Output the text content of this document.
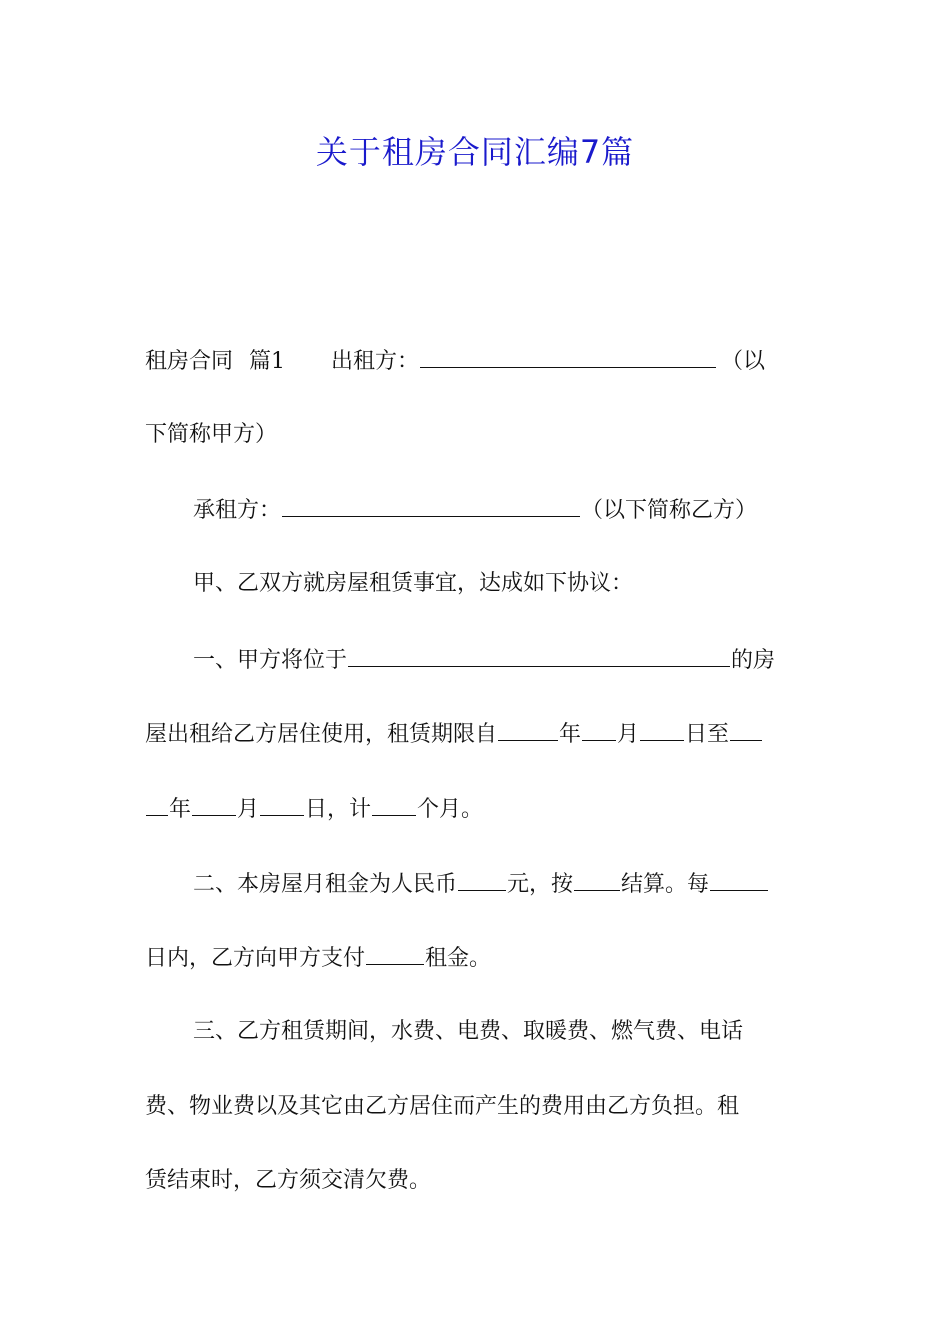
关于租房合同汇编7篇
租房合同 篇1 出租方：	（以
下简称甲方）
承租方：	（以下简称乙方）
甲、乙双方就房屋租赁事宜，达成如下协议：
一、甲方将位于	的房
屋出租给乙方居住使用，租赁期限自	年 月 日至
年 月 日，计 个月。
二、本房屋月租金为人民币 元，按 结算。每
日内，乙方向甲方支付	租金。
三、乙方租赁期间，水费、电费、取暖费、燃气费、电话
费、物业费以及其它由乙方居住而产生的费用由乙方负担。租
赁结束时，乙方须交清欠费。
